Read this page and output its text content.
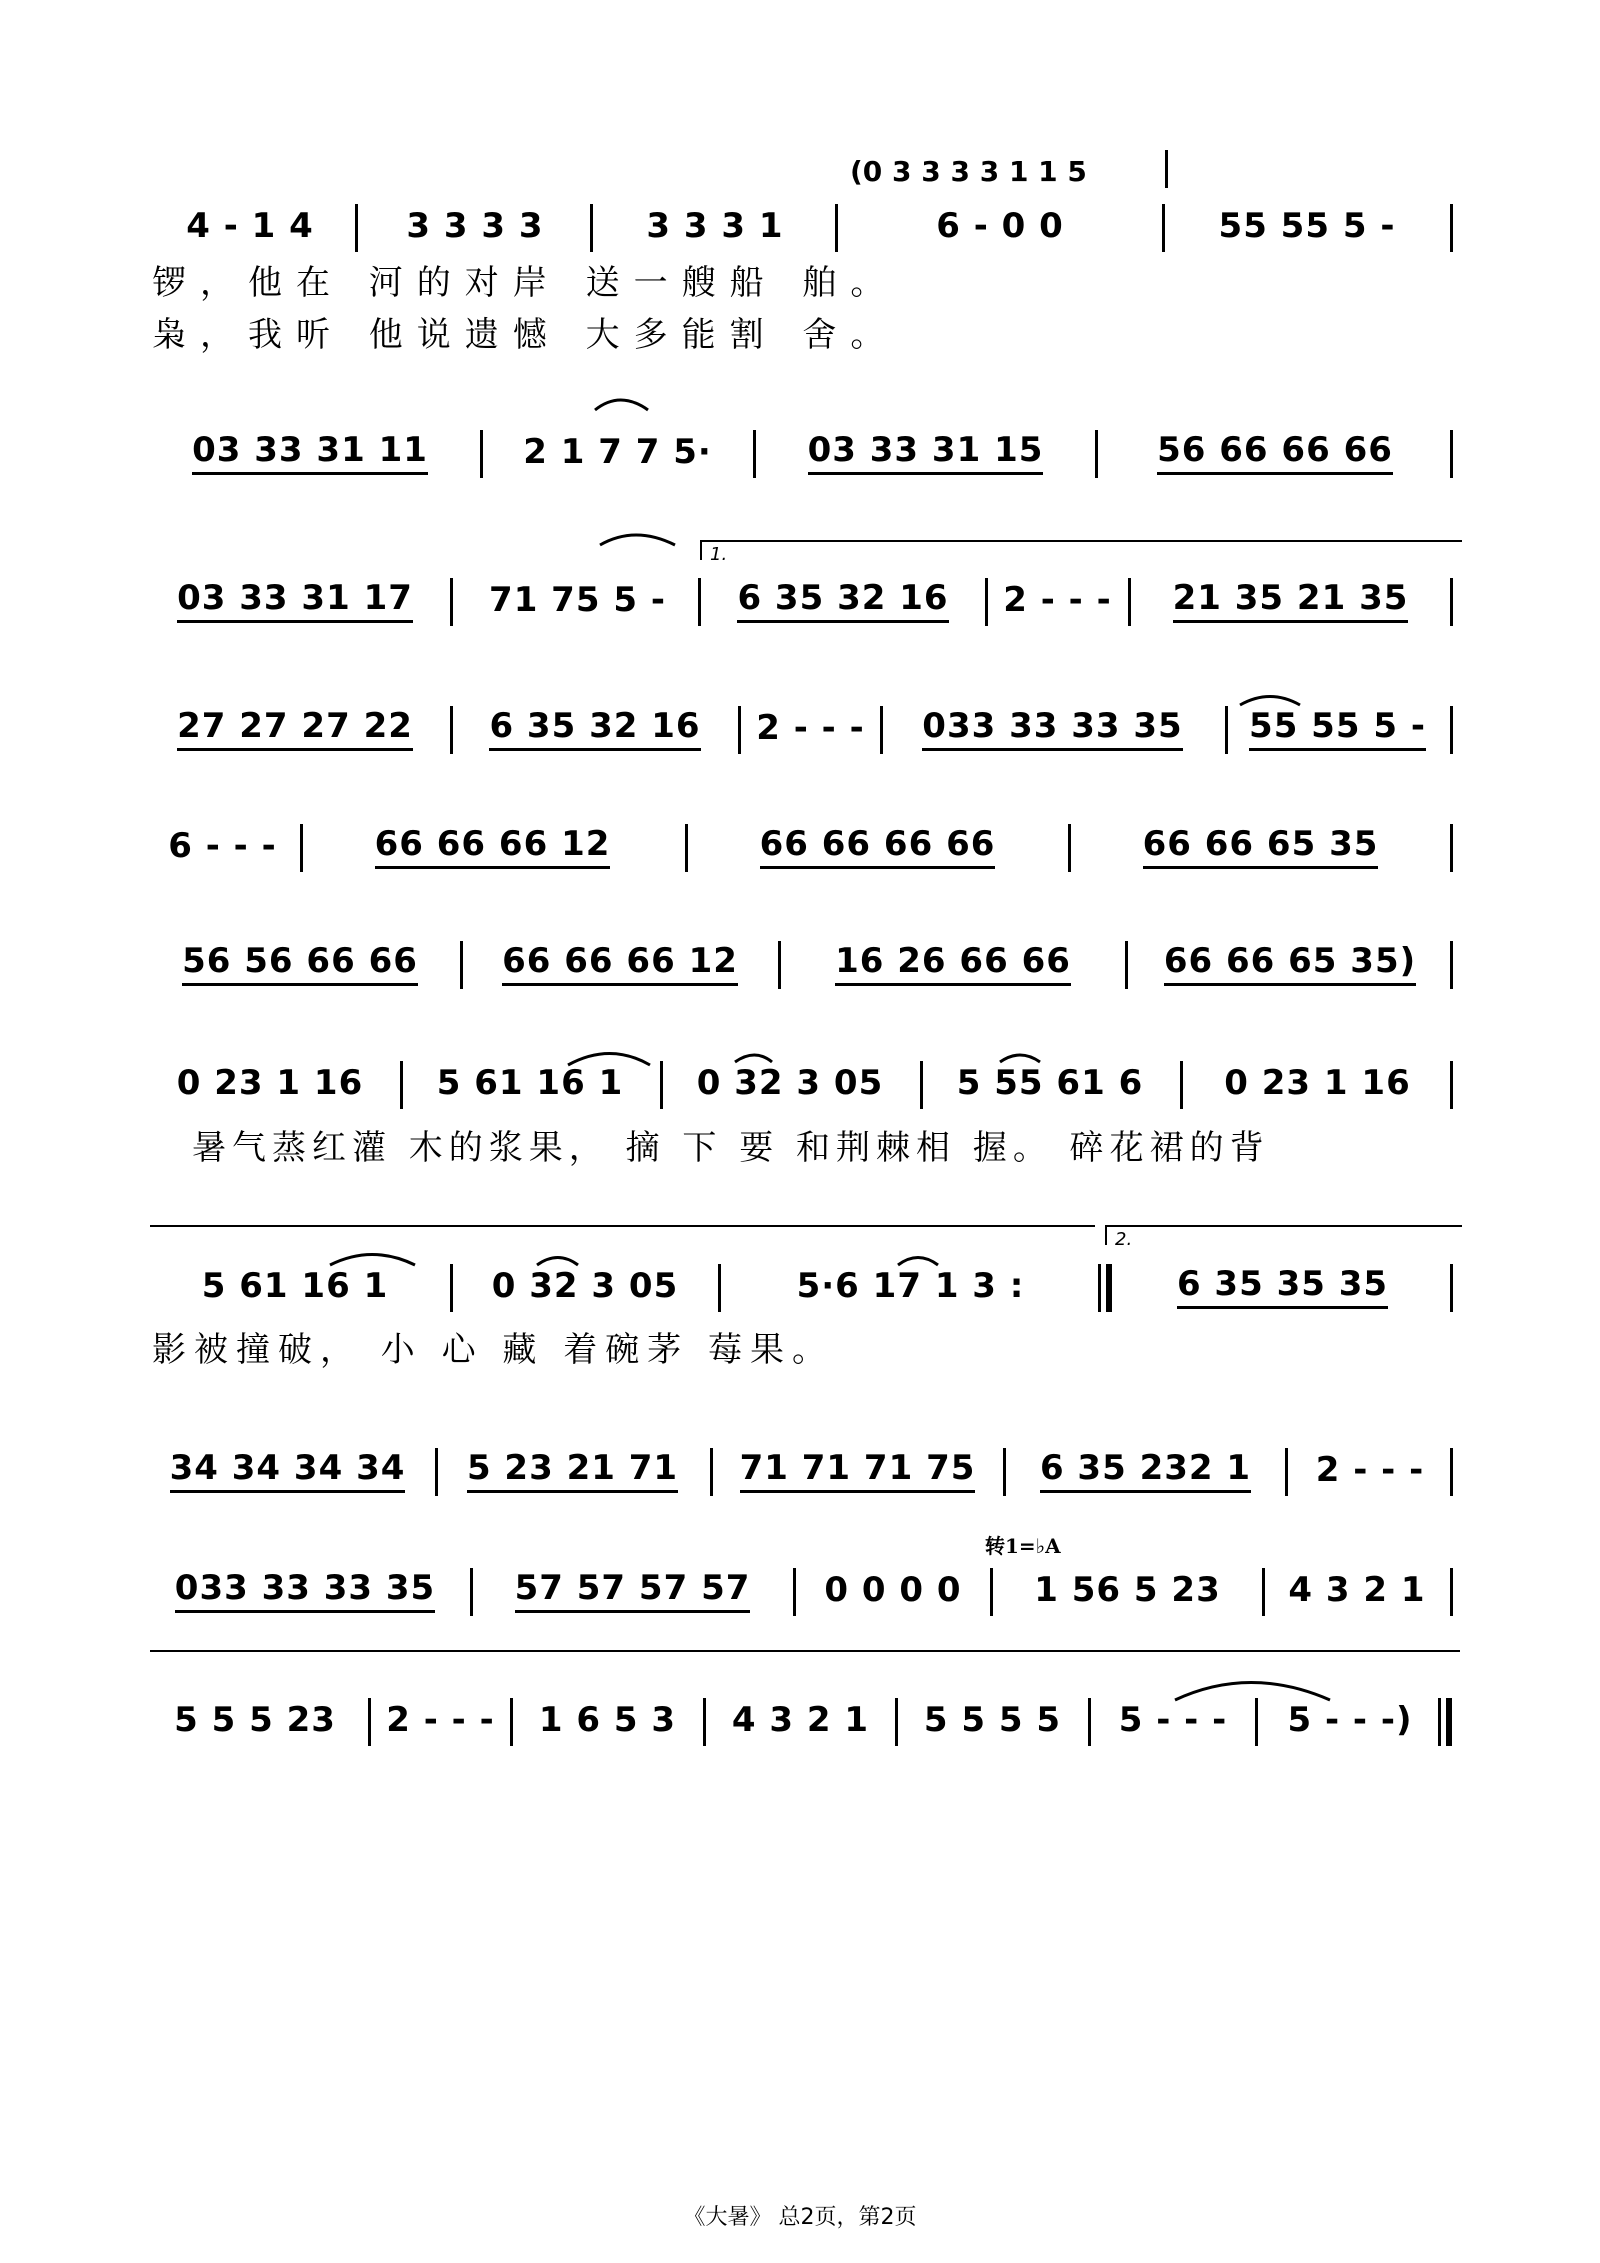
(0 3 3 3 3 1 1 5
4 - 1 4	3 3 3 3	3 3 3 1	6 - 0 0	55 55 5 -
锣，他在 河的对岸 送一艘船 舶。
枭，我听 他说遗憾 大多能割 舍。
03 33 31 11	2 1 7 7 5·	03 33 31 15	56 66 66 66
1.
03 33 31 17 71 75 5 - 6 35 32 16 2 - - - 21 35 21 35
27 27 27 22 6 35 32 16 2 - - - 033 33 33 35 55 55 5 -
6 - - -	66 66 66 12	66 66 66 66	66 66 65 35
56 56 66 66 66 66 66 12	16 26 66 66	66 66 65 35)
0 23 1 16 5 61 16 1 0 32 3 05 5 55 61 6 0 23 1 16
暑气蒸红灌 木的浆果， 摘 下 要 和荆棘相 握。 碎花裙的背
2.
5 61 16 1	0 32 3 05	5·6 17 1 3 :	6 35 35 35
影被撞破， 小 心 藏 着碗茅 莓果。
34 34 34 34 5 23 21 71 71 71 71 75 6 35 232 1 2 - - -
转1=♭A
033 33 33 35 57 57 57 57 0 0 0 0 1 56 5 23 4 3 2 1
5 5 5 23 2 - - - 1 6 5 3 4 3 2 1 5 5 5 5 5 - - - 5 - - -)
《大暑》 总2页，第2页
